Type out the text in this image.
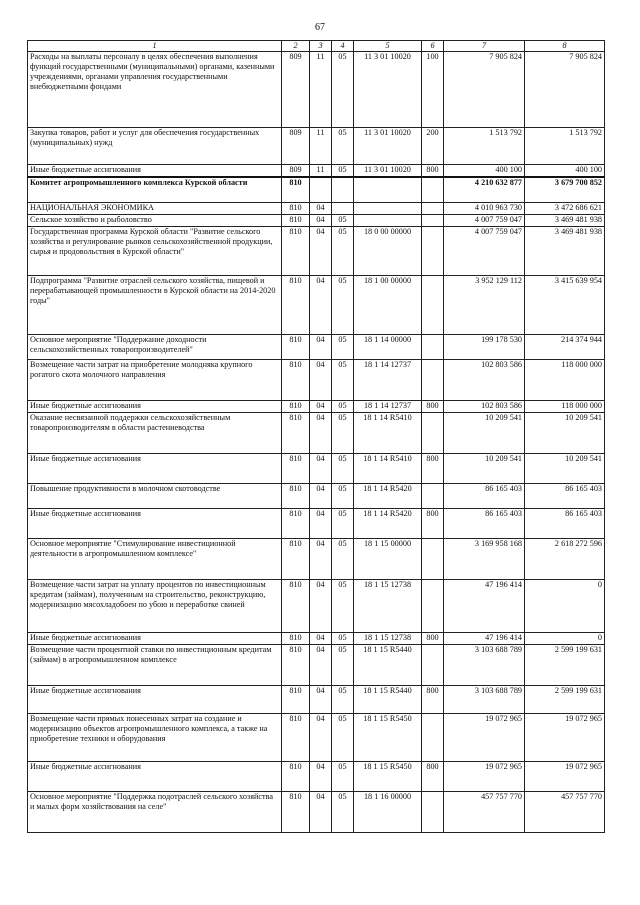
67
1	2	3	4	5	6	7	8
Расходы на выплаты персоналу в целях обеспечения выполнения функций государственными (муниципальными) органами, казенными учреждениями, органами управления государственными внебюджетными фондами	809	11	05	11 3 01 10020	100	7 905 824	7 905 824
Закупка товаров, работ и услуг для обеспечения государственных (муниципальных) нужд	809	11	05	11 3 01 10020	200	1 513 792	1 513 792
Иные бюджетные ассигнования	809	11	05	11 3 01 10020	800	400 100	400 100
Комитет агропромышленного комплекса Курской области	810					4 210 632 877	3 679 700 852
НАЦИОНАЛЬНАЯ ЭКОНОМИКА	810	04				4 010 963 730	3 472 686 621
Сельское хозяйство и рыболовство	810	04	05			4 007 759 047	3 469 481 938
Государственная программа Курской области "Развитие сельского хозяйства и регулирование рынков сельскохозяйственной продукции, сырья и продовольствия в Курской области"	810	04	05	18 0 00 00000		4 007 759 047	3 469 481 938
Подпрограмма "Развитие отраслей сельского хозяйства, пищевой и перерабатывающей промышленности в Курской области на 2014-2020 годы"	810	04	05	18 1 00 00000		3 952 129 112	3 415 639 954
Основное мероприятие "Поддержание доходности сельскохозяйственных товаропроизводителей"	810	04	05	18 1 14 00000		199 178 530	214 374 944
Возмещение части затрат на приобретение молодняка крупного рогатого скота молочного направления	810	04	05	18 1 14 12737		102 803 586	118 000 000
Иные бюджетные ассигнования	810	04	05	18 1 14 12737	800	102 803 586	118 000 000
Оказание несвязанной поддержки сельскохозяйственным товаропроизводителям в области растениеводства	810	04	05	18 1 14 R5410		10 209 541	10 209 541
Иные бюджетные ассигнования	810	04	05	18 1 14 R5410	800	10 209 541	10 209 541
Повышение продуктивности в молочном скотоводстве	810	04	05	18 1 14 R5420		86 165 403	86 165 403
Иные бюджетные ассигнования	810	04	05	18 1 14 R5420	800	86 165 403	86 165 403
Основное мероприятие "Стимулирование инвестиционной деятельности в агропромышленном комплексе"	810	04	05	18 1 15 00000		3 169 958 168	2 618 272 596
Возмещение части затрат на уплату процентов по инвестиционным кредитам (займам), полученным на строительство, реконструкцию, модернизацию мясохладобоен по убою и переработке свиней	810	04	05	18 1 15 12738		47 196 414	0
Иные бюджетные ассигнования	810	04	05	18 1 15 12738	800	47 196 414	0
Возмещение части процентной ставки по инвестиционным кредитам (займам) в агропромышленном комплексе	810	04	05	18 1 15 R5440		3 103 688 789	2 599 199 631
Иные бюджетные ассигнования	810	04	05	18 1 15 R5440	800	3 103 688 789	2 599 199 631
Возмещение части прямых понесенных затрат на создание и модернизацию объектов агропромышленного комплекса, а также на приобретение техники и оборудования	810	04	05	18 1 15 R5450		19 072 965	19 072 965
Иные бюджетные ассигнования	810	04	05	18 1 15 R5450	800	19 072 965	19 072 965
Основное мероприятие "Поддержка подотраслей сельского хозяйства и малых форм хозяйствования на селе"	810	04	05	18 1 16 00000		457 757 770	457 757 770
